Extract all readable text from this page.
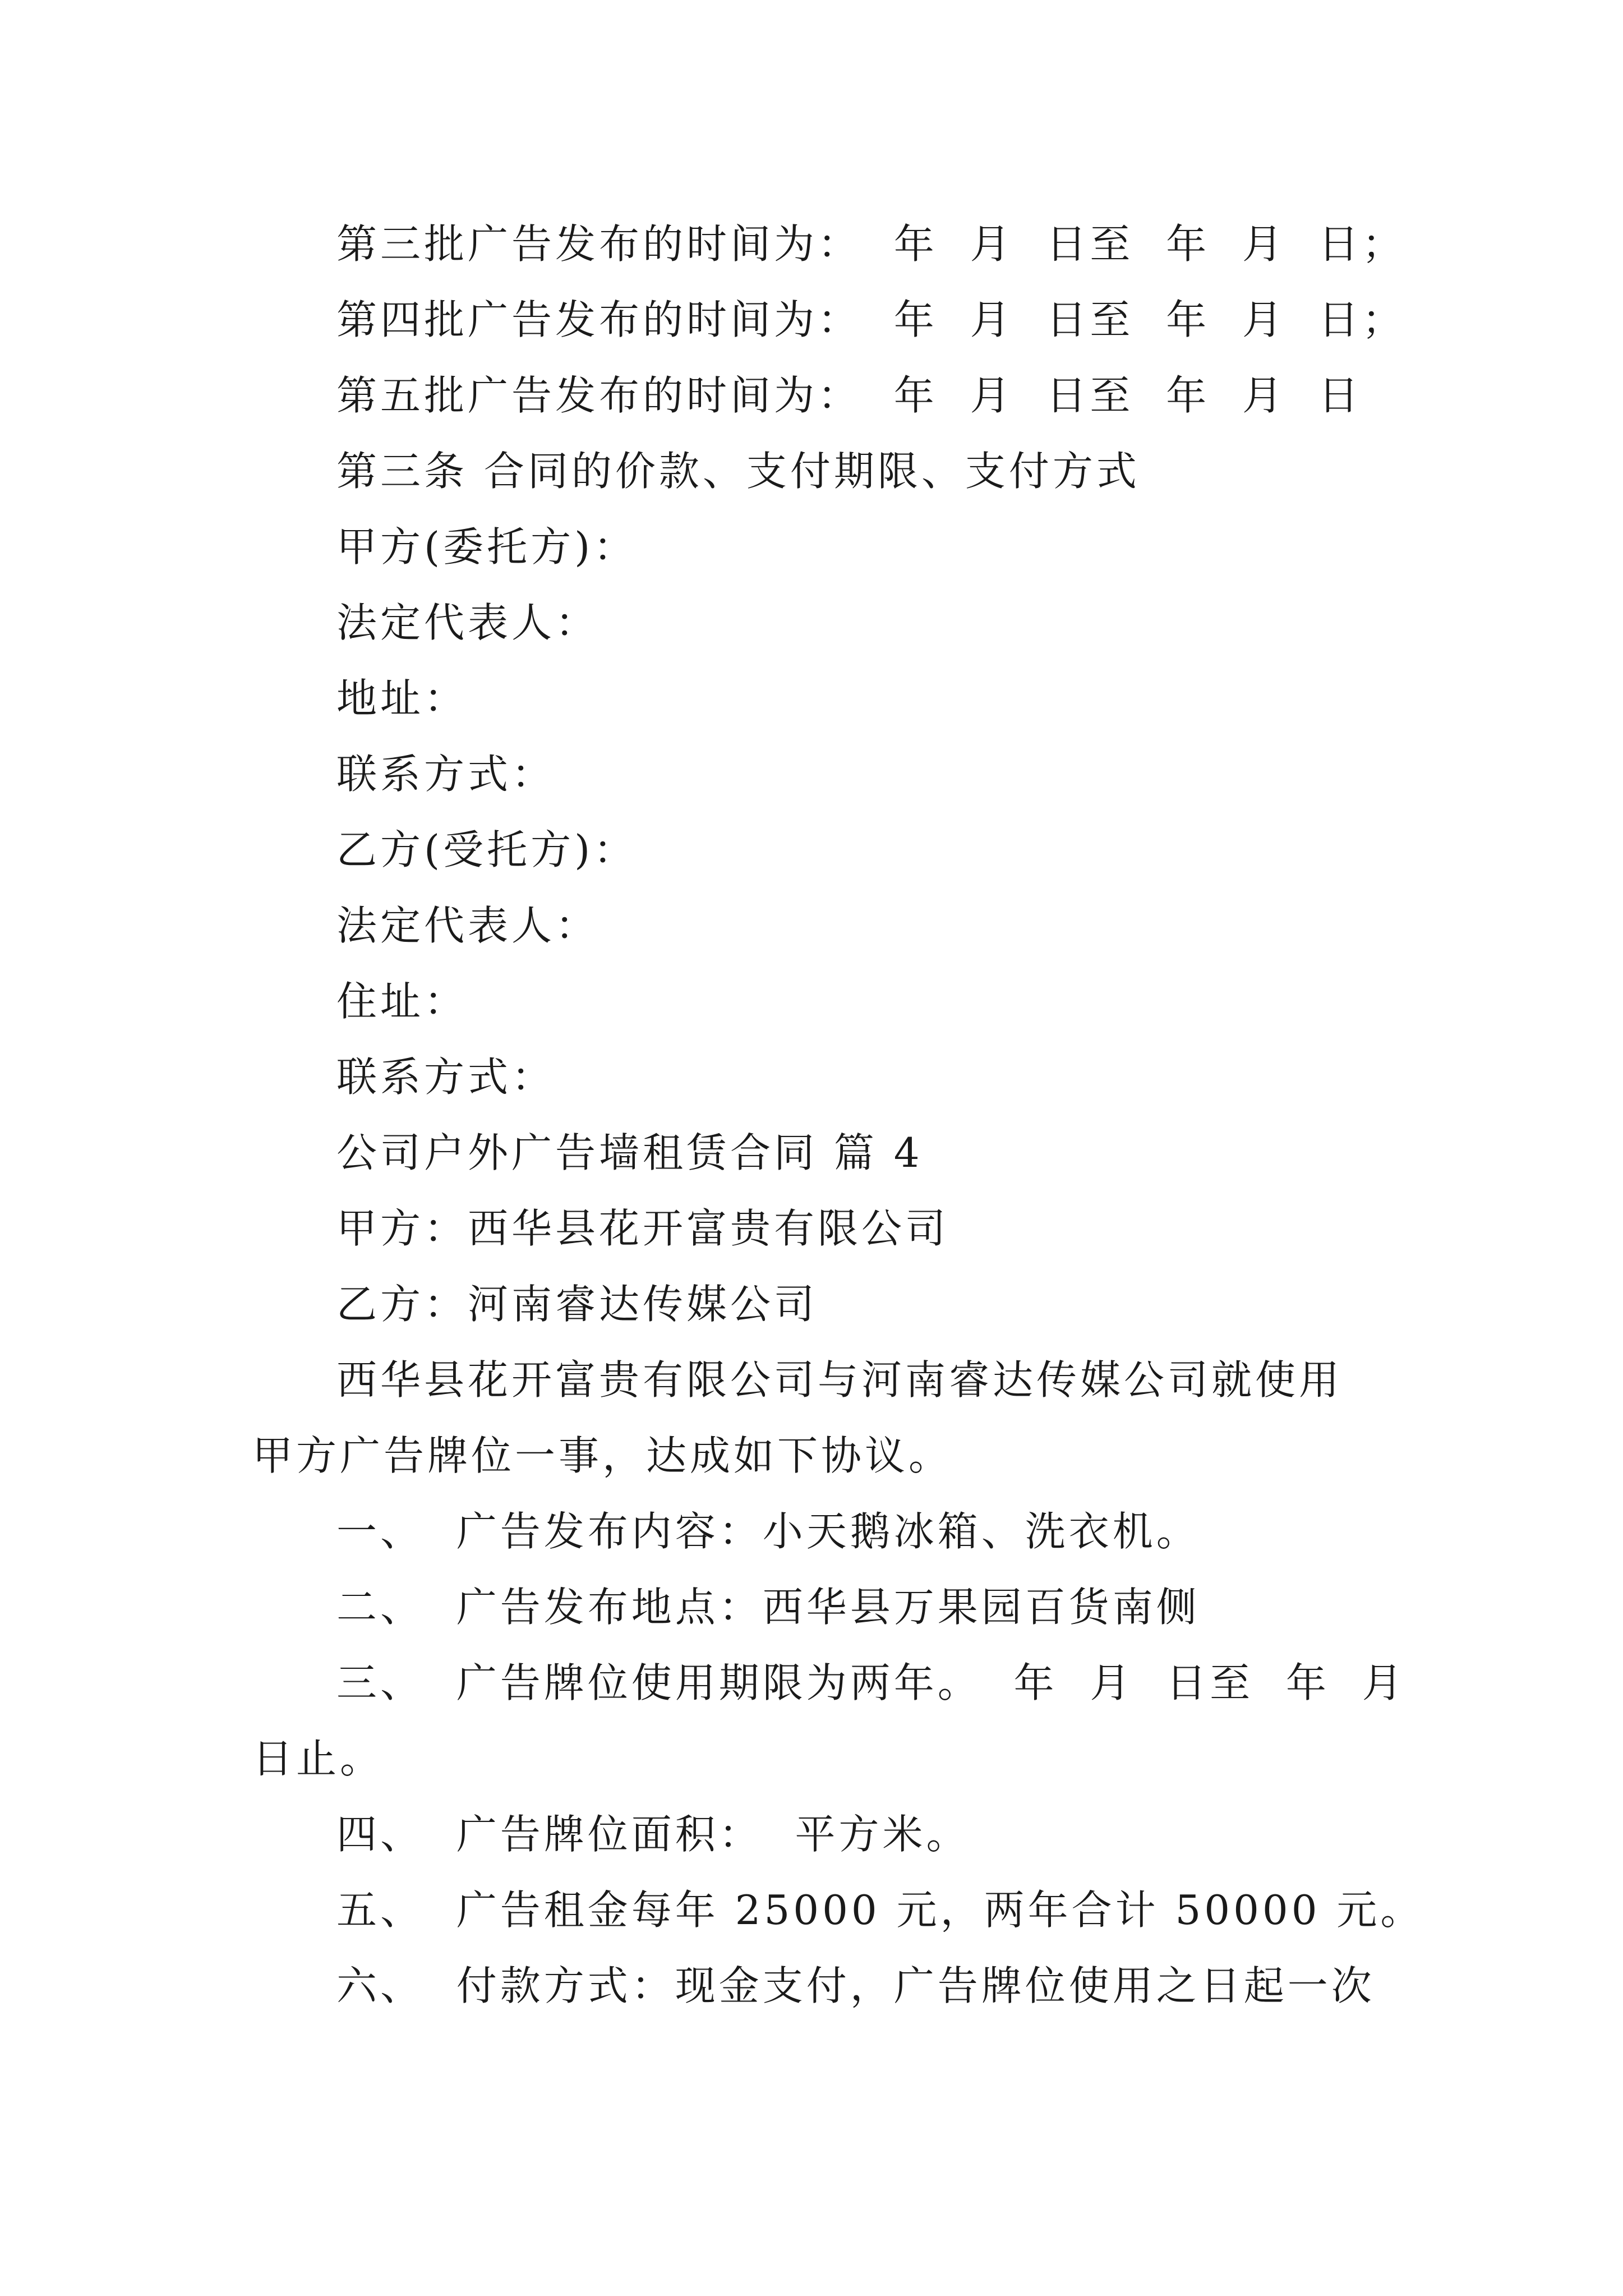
第三批广告发布的时间为：  年  月  日至  年  月  日；
第四批广告发布的时间为：  年  月  日至  年  月  日；
第五批广告发布的时间为：  年  月  日至  年  月  日
第三条 合同的价款、支付期限、支付方式
甲方(委托方)：
法定代表人：
地址：
联系方式：
乙方(受托方)：
法定代表人：
住址：
联系方式：
公司户外广告墙租赁合同 篇 4
甲方：西华县花开富贵有限公司
乙方：河南睿达传媒公司
西华县花开富贵有限公司与河南睿达传媒公司就使用
甲方广告牌位一事，达成如下协议。
一、  广告发布内容：小天鹅冰箱、洗衣机。
二、  广告发布地点：西华县万果园百货南侧
三、  广告牌位使用期限为两年。  年  月  日至  年  月
日止。
四、  广告牌位面积：  平方米。
五、  广告租金每年 25000 元，两年合计 50000 元。
六、  付款方式：现金支付，广告牌位使用之日起一次
